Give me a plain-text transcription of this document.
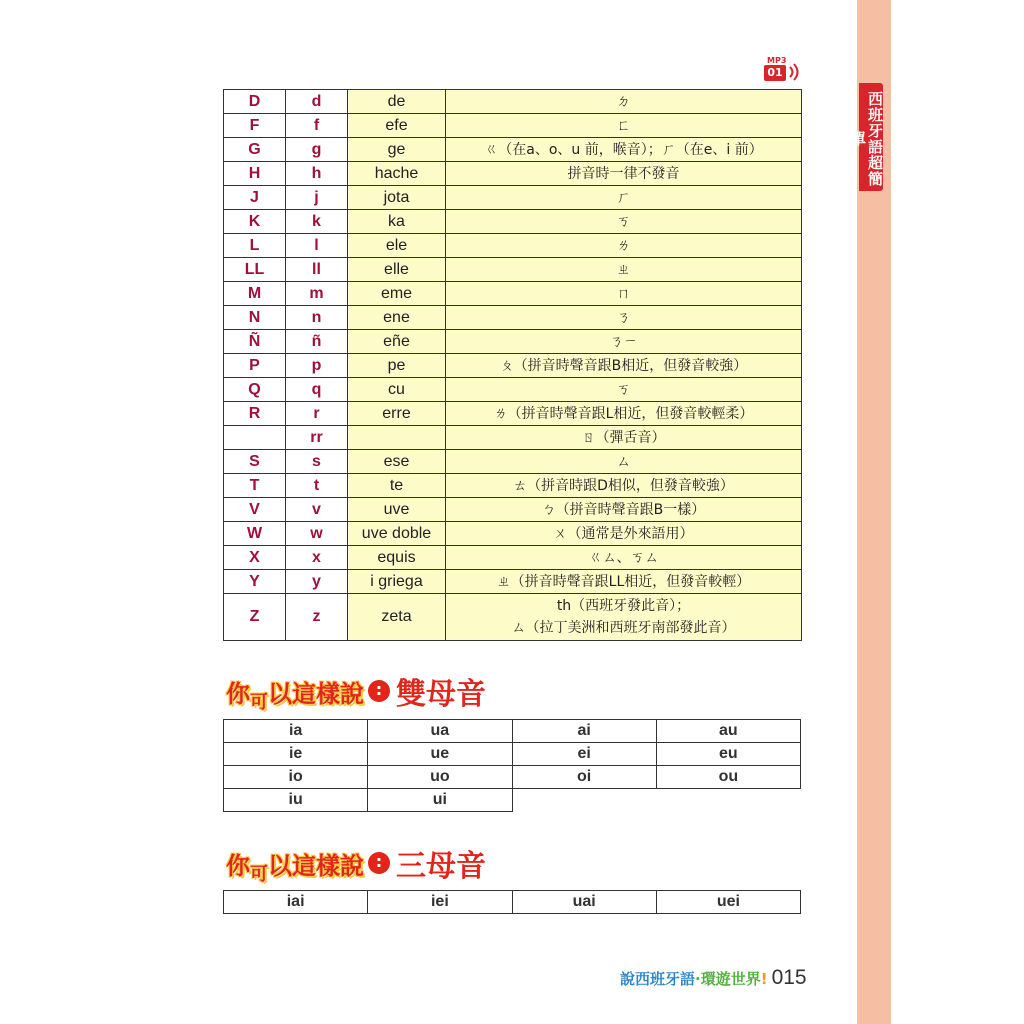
西班牙語超簡單
MP3
01
D	d	de	ㄉ
F	f	efe	ㄈ
G	g	ge	ㄍ（在a、o、u 前，喉音）；ㄏ（在e、i 前）
H	h	hache	拼音時一律不發音
J	j	jota	ㄏ
K	k	ka	ㄎ
L	l	ele	ㄌ
LL	ll	elle	ㄓ
M	m	eme	ㄇ
N	n	ene	ㄋ
Ñ	ñ	eñe	ㄋㄧ
P	p	pe	ㄆ（拼音時聲音跟B相近，但發音較強）
Q	q	cu	ㄎ
R	r	erre	ㄌ（拼音時聲音跟L相近，但發音較輕柔）
	rr		ㄖ（彈舌音）
S	s	ese	ㄙ
T	t	te	ㄊ（拼音時跟D相似，但發音較強）
V	v	uve	ㄅ（拼音時聲音跟B一樣）
W	w	uve doble	ㄨ（通常是外來語用）
X	x	equis	ㄍㄙ、ㄎㄙ
Y	y	i griega	ㄓ（拼音時聲音跟LL相近，但發音較輕）
Z	z	zeta	th（西班牙發此音）；
ㄙ（拉丁美洲和西班牙南部發此音）
你$_可$以這樣說 : 雙母音
ia	ua	ai	au
ie	ue	ei	eu
io	uo	oi	ou
iu	ui		
你$_可$以這樣說 : 三母音
iai	iei	uai	uei
說西班牙語·環遊世界! 015
